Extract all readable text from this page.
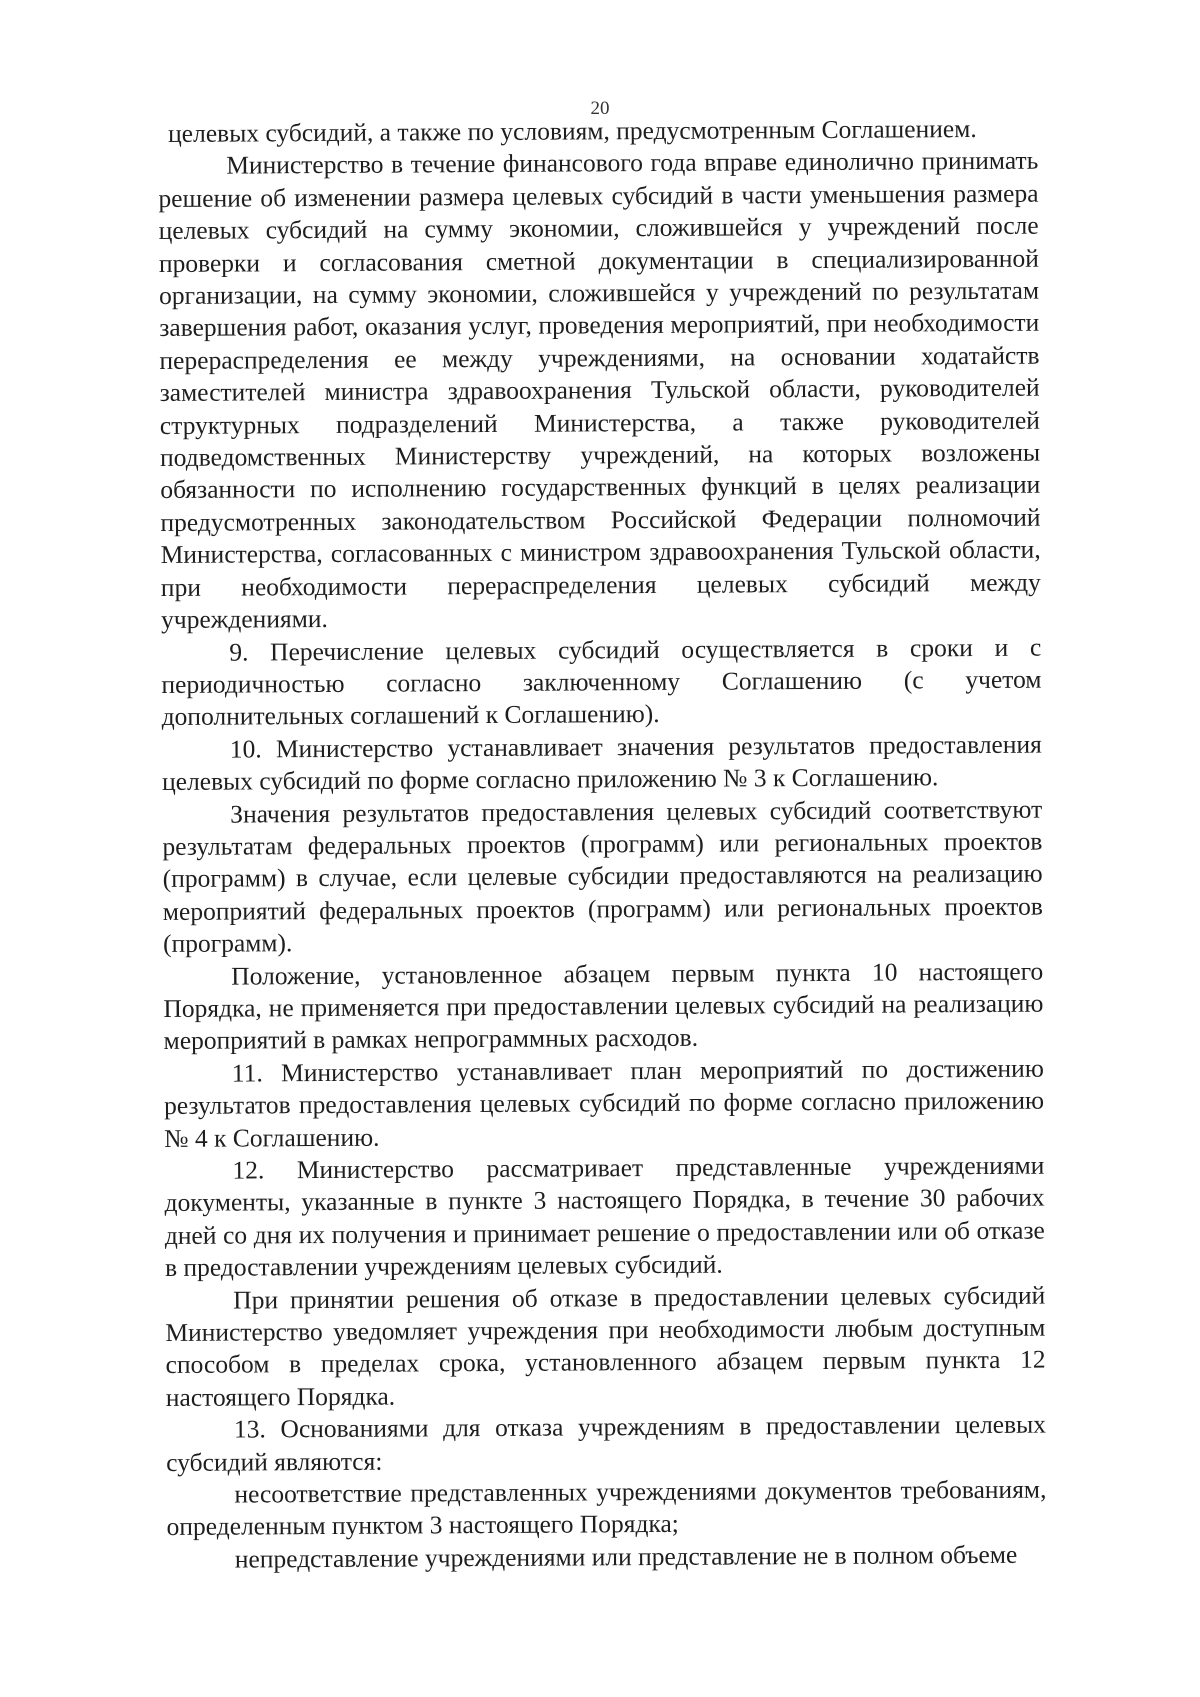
20

целевых субсидий, а также по условиям, предусмотренным Соглашением.

Министерство в течение финансового года вправе единолично принимать решение об изменении размера целевых субсидий в части уменьшения размера целевых субсидий на сумму экономии, сложившейся у учреждений после проверки и согласования сметной документации в специализированной организации, на сумму экономии, сложившейся у учреждений по результатам завершения работ, оказания услуг, проведения мероприятий, при необходимости перераспределения ее между учреждениями, на основании ходатайств заместителей министра здравоохранения Тульской области, руководителей структурных подразделений Министерства, а также руководителей подведомственных Министерству учреждений, на которых возложены обязанности по исполнению государственных функций в целях реализации предусмотренных законодательством Российской Федерации полномочий Министерства, согласованных с министром здравоохранения Тульской области, при необходимости перераспределения целевых субсидий между учреждениями.

9. Перечисление целевых субсидий осуществляется в сроки и с периодичностью согласно заключенному Соглашению (с учетом дополнительных соглашений к Соглашению).

10. Министерство устанавливает значения результатов предоставления целевых субсидий по форме согласно приложению № 3 к Соглашению.

Значения результатов предоставления целевых субсидий соответствуют результатам федеральных проектов (программ) или региональных проектов (программ) в случае, если целевые субсидии предоставляются на реализацию мероприятий федеральных проектов (программ) или региональных проектов (программ).

Положение, установленное абзацем первым пункта 10 настоящего Порядка, не применяется при предоставлении целевых субсидий на реализацию мероприятий в рамках непрограммных расходов.

11. Министерство устанавливает план мероприятий по достижению результатов предоставления целевых субсидий по форме согласно приложению № 4 к Соглашению.

12. Министерство рассматривает представленные учреждениями документы, указанные в пункте 3 настоящего Порядка, в течение 30 рабочих дней со дня их получения и принимает решение о предоставлении или об отказе в предоставлении учреждениям целевых субсидий.

При принятии решения об отказе в предоставлении целевых субсидий Министерство уведомляет учреждения при необходимости любым доступным способом в пределах срока, установленного абзацем первым пункта 12 настоящего Порядка.

13. Основаниями для отказа учреждениям в предоставлении целевых субсидий являются:

несоответствие представленных учреждениями документов требованиям, определенным пунктом 3 настоящего Порядка;

непредставление учреждениями или представление не в полном объеме
